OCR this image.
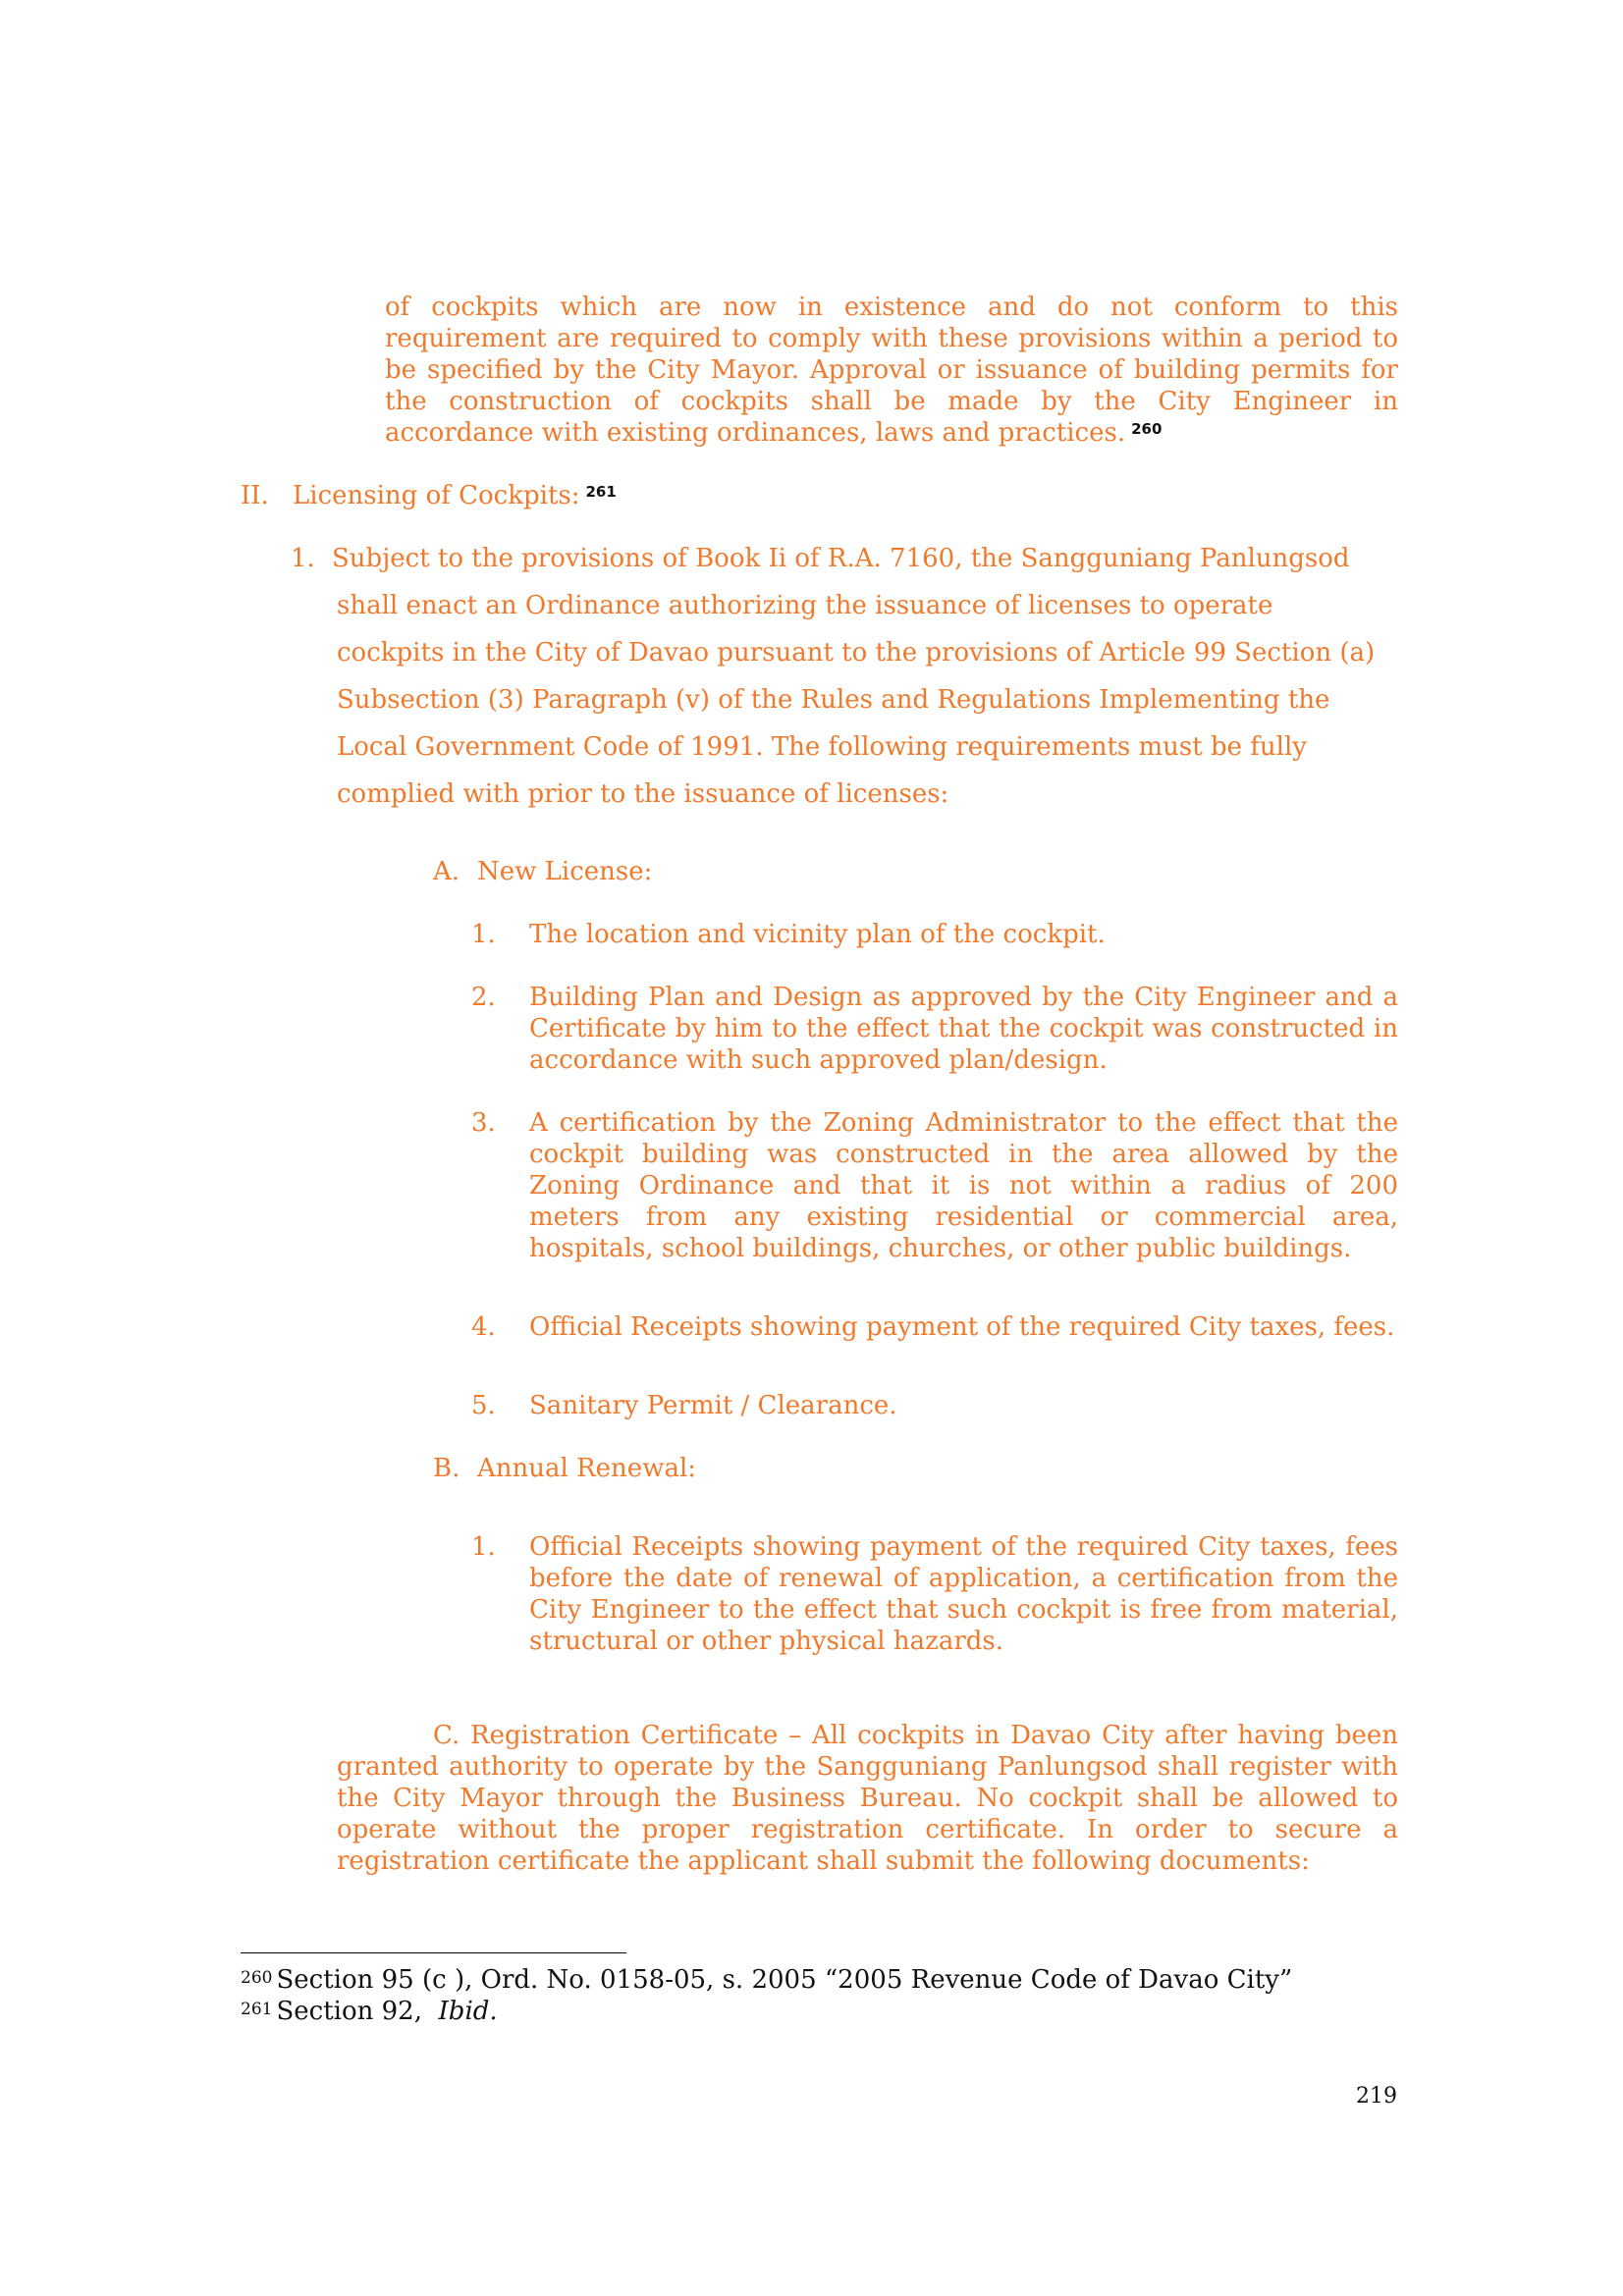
of cockpits which are now in existence and do not conform to this
requirement are required to comply with these provisions within a period to
be specified by the City Mayor. Approval or issuance of building permits for
the construction of cockpits shall be made by the City Engineer in
accordance with existing ordinances, laws and practices. $^{260}$
II. Licensing of Cockpits: $^{261}$
1. Subject to the provisions of Book Ii of R.A. 7160, the Sangguniang Panlungsod
shall enact an Ordinance authorizing the issuance of licenses to operate
cockpits in the City of Davao pursuant to the provisions of Article 99 Section (a)
Subsection (3) Paragraph (v) of the Rules and Regulations Implementing the
Local Government Code of 1991. The following requirements must be fully
complied with prior to the issuance of licenses:
A. New License:
1. The location and vicinity plan of the cockpit.
2. Building Plan and Design as approved by the City Engineer and a
Certificate by him to the effect that the cockpit was constructed in
accordance with such approved plan/design.
3. A certification by the Zoning Administrator to the effect that the
cockpit building was constructed in the area allowed by the
Zoning Ordinance and that it is not within a radius of 200
meters from any existing residential or commercial area,
hospitals, school buildings, churches, or other public buildings.
4. Official Receipts showing payment of the required City taxes, fees.
5. Sanitary Permit / Clearance.
B. Annual Renewal:
1. Official Receipts showing payment of the required City taxes, fees
before the date of renewal of application, a certification from the
City Engineer to the effect that such cockpit is free from material,
structural or other physical hazards.
C. Registration Certificate – All cockpits in Davao City after having been
granted authority to operate by the Sangguniang Panlungsod shall register with
the City Mayor through the Business Bureau. No cockpit shall be allowed to
operate without the proper registration certificate. In order to secure a
registration certificate the applicant shall submit the following documents:
$^{260}$ Section 95 (c ), Ord. No. 0158-05, s. 2005 “2005 Revenue Code of Davao City”
$^{261}$ Section 92,  Ibid.
219
